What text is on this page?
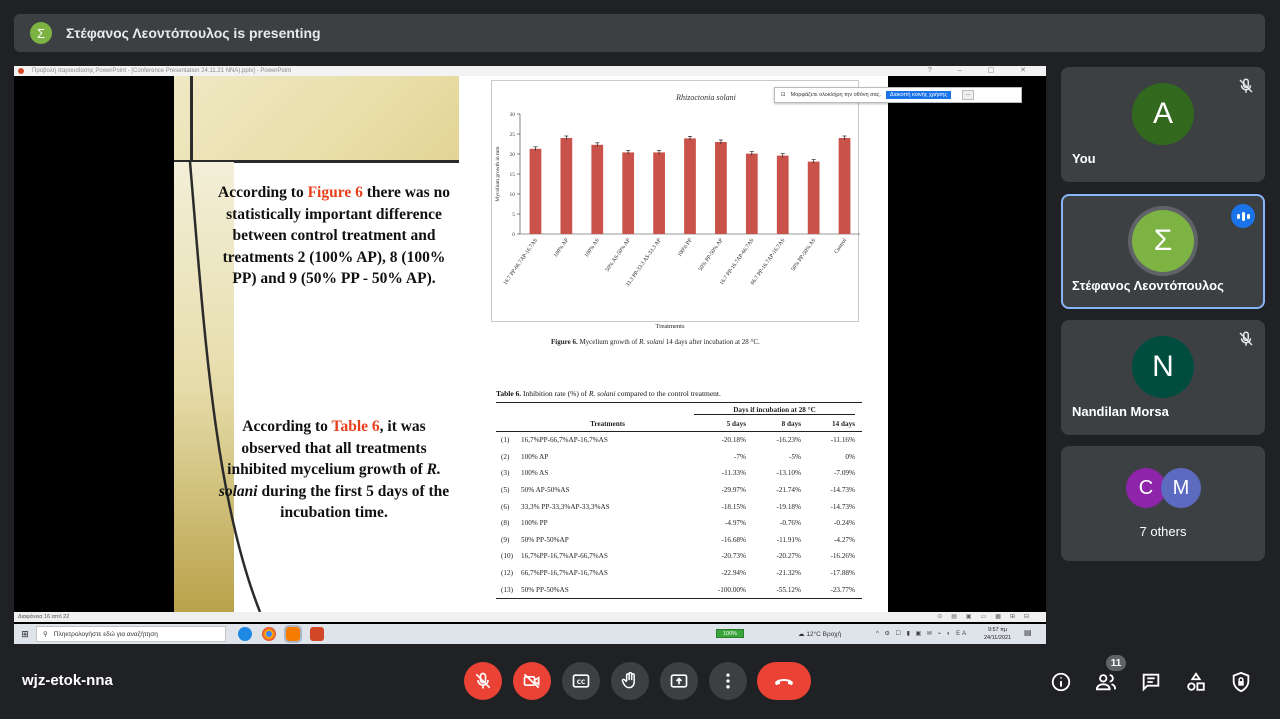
Σ	Στέφανος Λεοντόπουλος is presenting
Προβολή παρουσίασης PowerPoint - [Conference Presentation 24.11.21 NNA).pptx] - PowerPoint	? – ▢ ✕
According to Figure 6 there was no statistically important difference between control treatment and treatments 2 (100% AP), 8 (100% PP) and 9 (50% PP - 50% AP).
According to Table 6, it was observed that all treatments inhibited mycelium growth of R. solani during the first 5 days of the incubation time.
Rhizoctonia solani
0
5
10
15
20
25
30
Mycelium growth in mm
16.7 PP-66.7AP-16.7AS 100% AP 100% AS 50% AS-50% AP
33.3 PP-33.3 AS-33.3 AP	100% PP 50% PP-50% AP
16.7 PP-16.7AP-66.7AS
66.7 PP-16.7AP-16.7AS 50% PP-50% AS	Control
Treatments
Figure 6. Mycelium growth of R. solani 14 days after incubation at 28 °C.
Table 6. Inhibition rate (%) of R. solani compared to the control treatment.
Days if incubation at 28 °C
Treatments	5 days	8 days	14 days
(1)	16,7%PP-66,7%AP-16,7%AS	-20.18%	-16.23%	-11.16%
(2)	100% AP	-7%	-5%	0%
(3)	100% AS	-11.33%	-13.10%	-7.09%
(5)	50% AP-50%AS	-29.97%	-21.74%	-14.73%
(6)	33,3% PP-33,3%AP-33,3%AS	-18.15%	-19.18%	-14.73%
(8)	100% PP	-4.97%	-0.76%	-0.24%
(9)	50% PP-50%AP	-16.68%	-11.91%	-4.27%
(10)	16,7%PP-16,7%AP-66,7%AS	-20.73%	-20.27%	-16.26%
(12)	66,7%PP-16,7%AP-16,7%AS	-22.94%	-21.32%	-17.88%
(13)	50% PP-50%AS	-100.00%	-55.12%	-23.77%
⊡ Μορφάζετε ολοκλήρη την οθόνη σας.	Διακοπή κοινής χρήσης	...
Διαφάνεια 16 από 22	⊙▤▣▭▦⊞⊟
⊞	⚲ Πληκτρολογήστε εδώ για αναζήτηση	100%	☁ 12°C Βροχή	^ ⚙ ☐ ▮ ▣ ✉ ⌁ ◐ EA
9:57 πμ
24/11/2021
▤
A
You
Σ
Στέφανος Λεοντόπουλος
N
Nandilan Morsa
C M
7 others
wjz-etok-nna	CC
11
